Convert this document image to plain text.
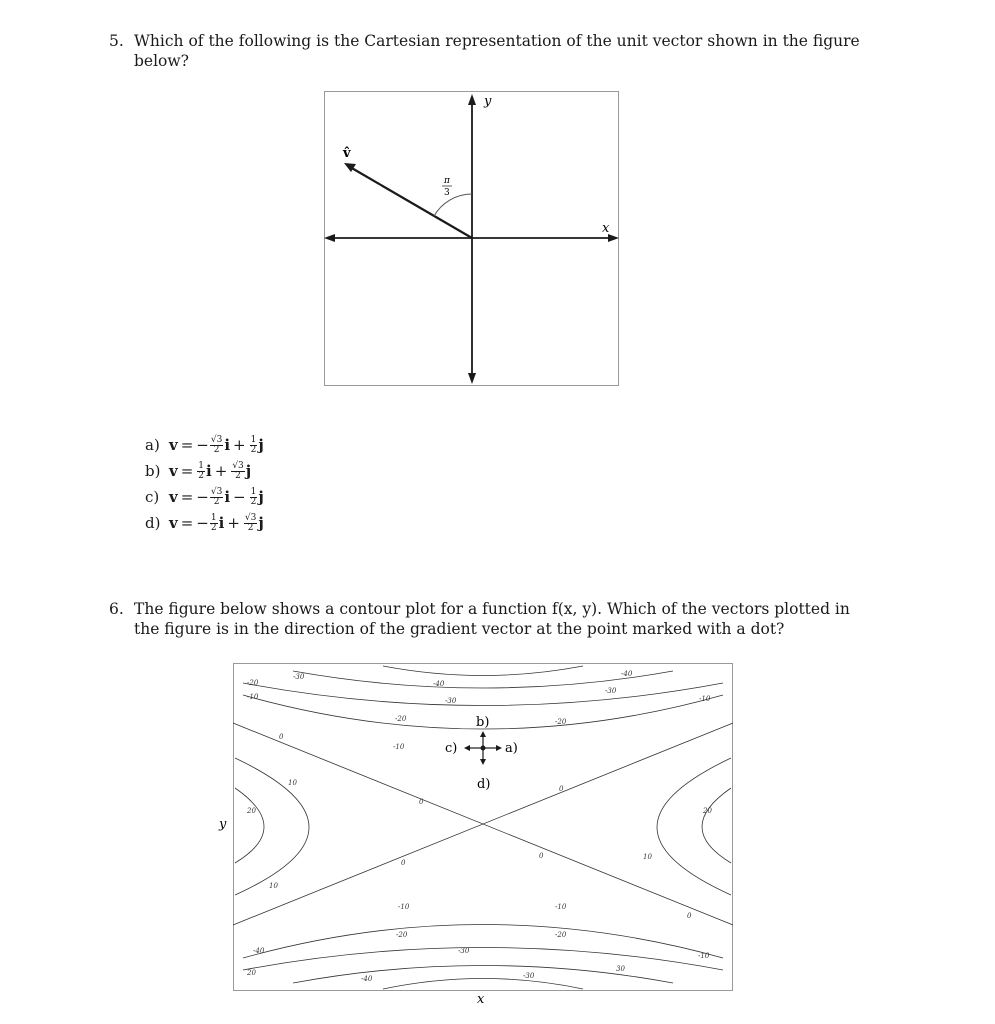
5. Which of the following is the Cartesian representation of the unit vector shown in the figure below?
y
x
v̂
π
3
a) v = − $\frac{√3}{2}$ $i + \frac{1}{2}$ j
b) $v = \frac{1}{2}$ $i + \frac{√3}{2}$ j
c) v = − $\frac{√3}{2}$ $i - \frac{1}{2}$ j
d) v = − $\frac{1}{2}$ $i + \frac{√3}{2}$ j
6. The figure below shows a contour plot for a function f(x, y). Which of the vectors plotted in the figure is in the direction of the gradient vector at the point marked with a dot?
-20
-10
-30
-40
-30
-20
-10
-40
-30
-10
-20
-10
-20
-30
-40
-10
-20
-30
-40
-10
20	30
0
10
20
0
0
10
20
0
0	10
0
b)
c)	a)
d)
x
y
